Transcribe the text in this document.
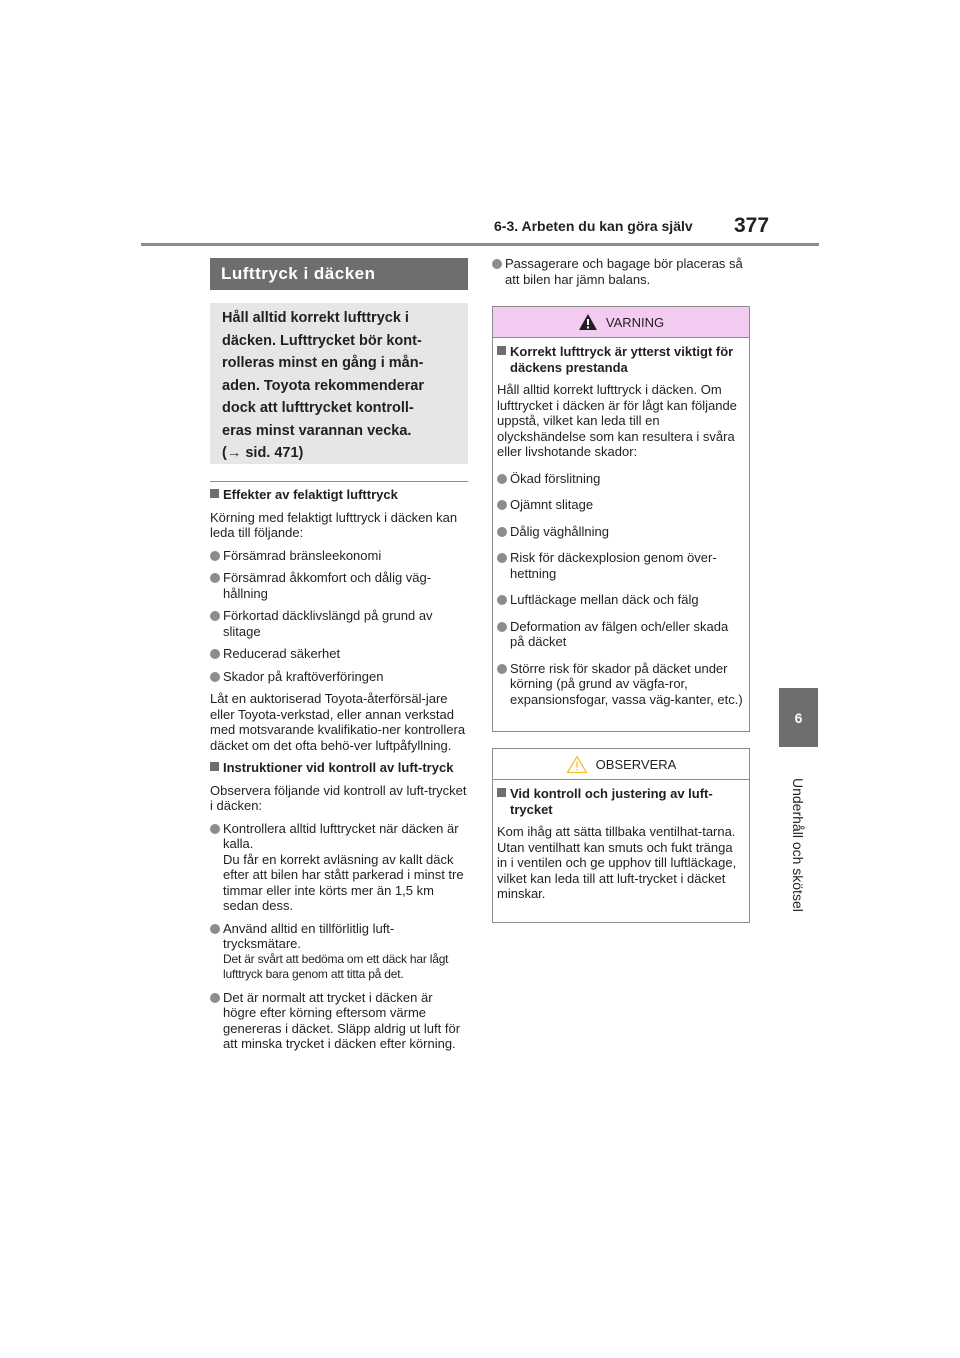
6-3. Arbeten du kan göra själv 377
6
Underhåll och skötsel
Lufttryck i däcken

Håll alltid korrekt lufttryck i

däcken. Lufttrycket bör kont-

rolleras minst en gång i mån-

aden. Toyota rekommenderar

dock att lufttrycket kontroll-

eras minst varannan vecka.

(→ sid. 471)

Effekter av felaktigt lufttryck

Körning med felaktigt lufttryck i däcken kan leda till följande:

Försämrad bränsleekonomi

Försämrad åkkomfort och dålig väg-hållning

Förkortad däcklivslängd på grund av slitage

Reducerad säkerhet

Skador på kraftöverföringen

Låt en auktoriserad Toyota-återförsäl-jare eller Toyota-verkstad, eller annan verkstad med motsvarande kvalifikatio-ner kontrollera däcket om det ofta behö-ver luftpåfyllning.

Instruktioner vid kontroll av luft-tryck

Observera följande vid kontroll av luft-trycket i däcken:

Kontrollera alltid lufttrycket när däcken är kalla.

Du får en korrekt avläsning av kallt däck efter att bilen har stått parkerad i minst tre timmar eller inte körts mer än 1,5 km sedan dess.

Använd alltid en tillförlitlig luft-trycksmätare.

Det är svårt att bedöma om ett däck har lågt lufttryck bara genom att titta på det.

Det är normalt att trycket i däcken är högre efter körning eftersom värme genereras i däcket. Släpp aldrig ut luft för att minska trycket i däcken efter körning.

Passagerare och bagage bör placeras så att bilen har jämn balans.

VARNING

Korrekt lufttryck är ytterst viktigt för däckens prestanda

Håll alltid korrekt lufttryck i däcken. Om lufttrycket i däcken är för lågt kan följande uppstå, vilket kan leda till en olyckshändelse som kan resultera i svåra eller livshotande skador:

Ökad förslitning

Ojämnt slitage

Dålig väghållning

Risk för däckexplosion genom över-hettning

Luftläckage mellan däck och fälg

Deformation av fälgen och/eller skada på däcket

Större risk för skador på däcket under körning (på grund av vägfa-ror, expansionsfogar, vassa väg-kanter, etc.)

OBSERVERA

Vid kontroll och justering av luft-trycket

Kom ihåg att sätta tillbaka ventilhat-tarna.

Utan ventilhatt kan smuts och fukt tränga in i ventilen och ge upphov till luftläckage, vilket kan leda till att luft-trycket i däcket minskar.
